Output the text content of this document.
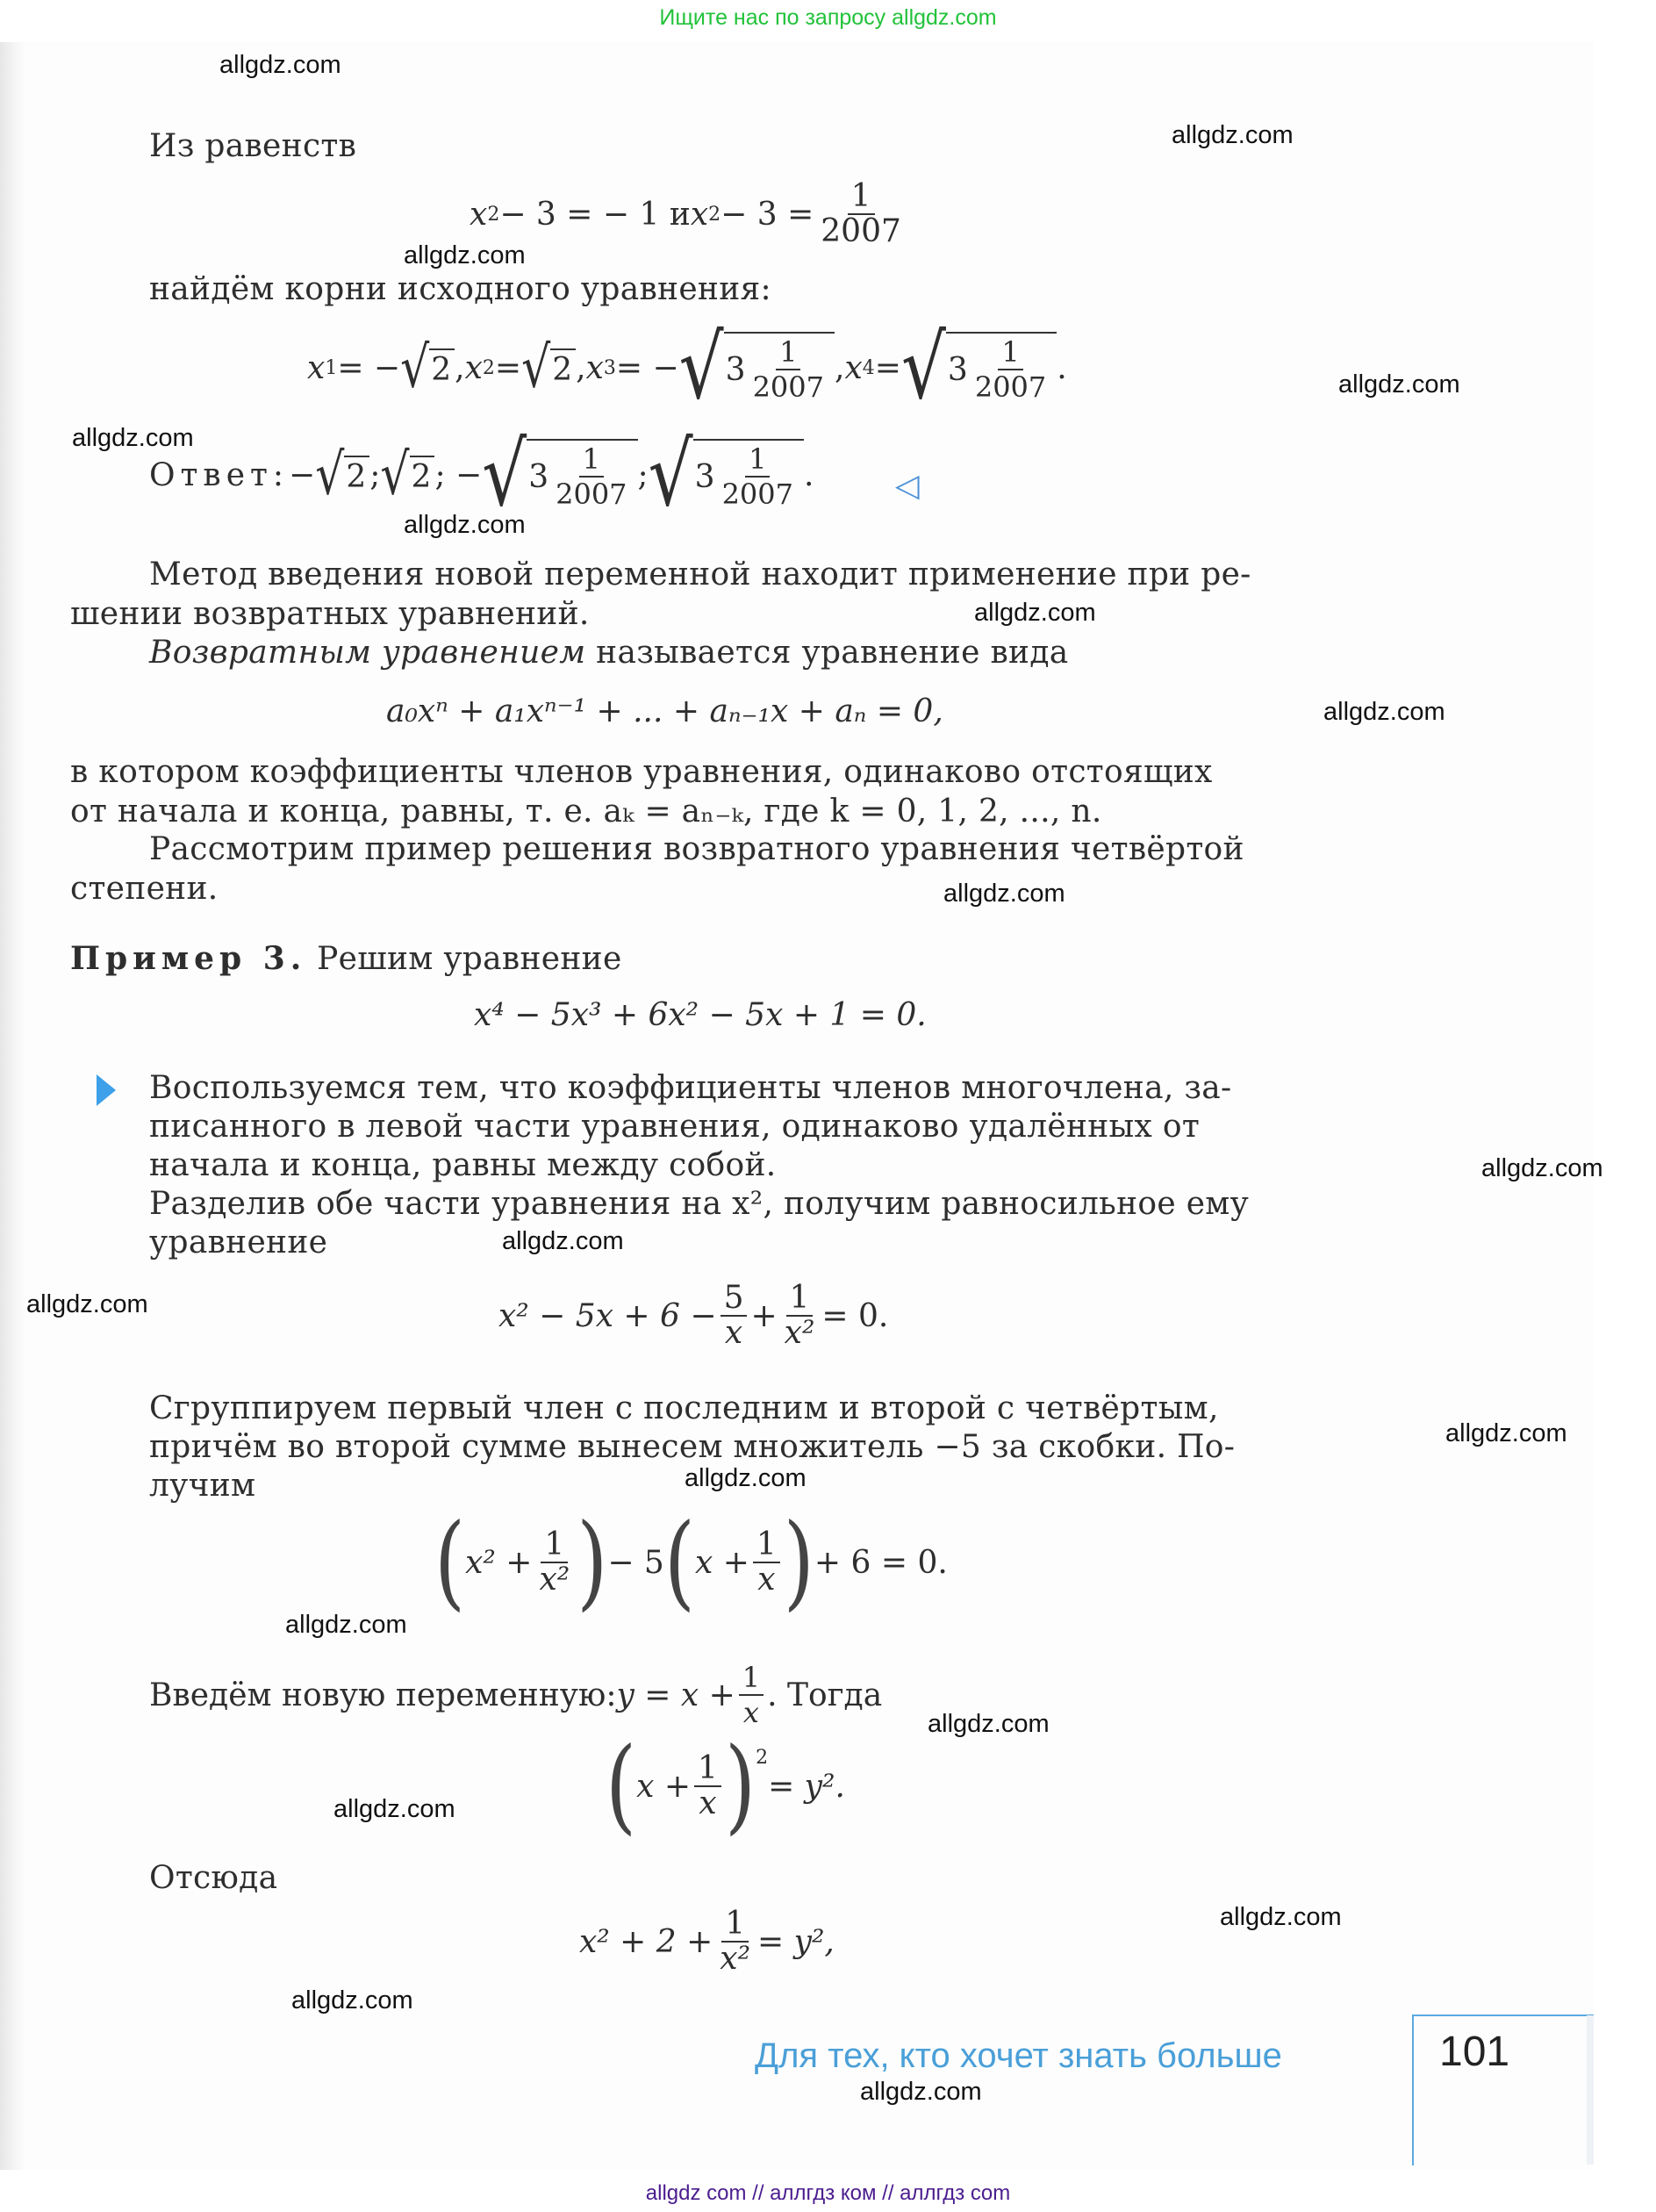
Ищите нас по запросу allgdz.com
Из равенств
x 2 − 3 = − 1 и x $2 - 3 = \frac{1}{2007}$
найдём корни исходного уравнения:
x 1 = − √ 2 , x 2 = √ 2 , x 3 = − √ $3 \frac{1}{2007}$ , x 4 = √ $3 \frac{1}{2007}$ .
Ответ: − √ 2 ; √ 2 ; − √ $3 \frac{1}{2007}$ ; √ $3 \frac{1}{2007}$ .	◁
Метод введения новой переменной находит применение при ре-
шении возвратных уравнений.
Возвратным уравнением называется уравнение вида
a₀xⁿ + a₁xⁿ⁻¹ + ... + aₙ₋₁x + aₙ = 0,
в котором коэффициенты членов уравнения, одинаково отстоящих
от начала и конца, равны, т. е. aₖ = aₙ₋ₖ, где k = 0, 1, 2, ..., n.
Рассмотрим пример решения возвратного уравнения четвёртой
степени.
Пример 3. Решим уравнение
x⁴ − 5x³ + 6x² − 5x + 1 = 0.
Воспользуемся тем, что коэффициенты членов многочлена, за-
писанного в левой части уравнения, одинаково удалённых от
начала и конца, равны между собой.
Разделив обе части уравнения на x², получим равносильное ему
уравнение
$x^2 - 5x + 6 - \frac{5}{x} + \frac{1}{\text{x²}} = 0$.
Сгруппируем первый член с последним и второй с четвёртым,
причём во второй сумме вынесем множитель −5 за скобки. По-
лучим
( $x^2 + \frac{1}{\text{x²}}$ ) − 5 ( $x + \frac{1}{x}$ ) + 6 = 0.
Введём новую переменную: $y = x + \frac{1}{x}$ . Тогда
( $x + \frac{1}{x} )^2$
= y².
Отсюда
$x^2 + 2 + \frac{1}{\text{x²}} = y^2$,
Для тех, кто хочет знать больше	101
allgdz.com
allgdz.com
allgdz.com
allgdz.com
allgdz.com
allgdz.com
allgdz.com
allgdz.com
allgdz.com
allgdz.com
allgdz.com
allgdz.com
allgdz.com
allgdz.com
allgdz.com
allgdz.com
allgdz.com
allgdz.com
allgdz.com
allgdz.com
allgdz com // аллгдз ком // аллгдз com
